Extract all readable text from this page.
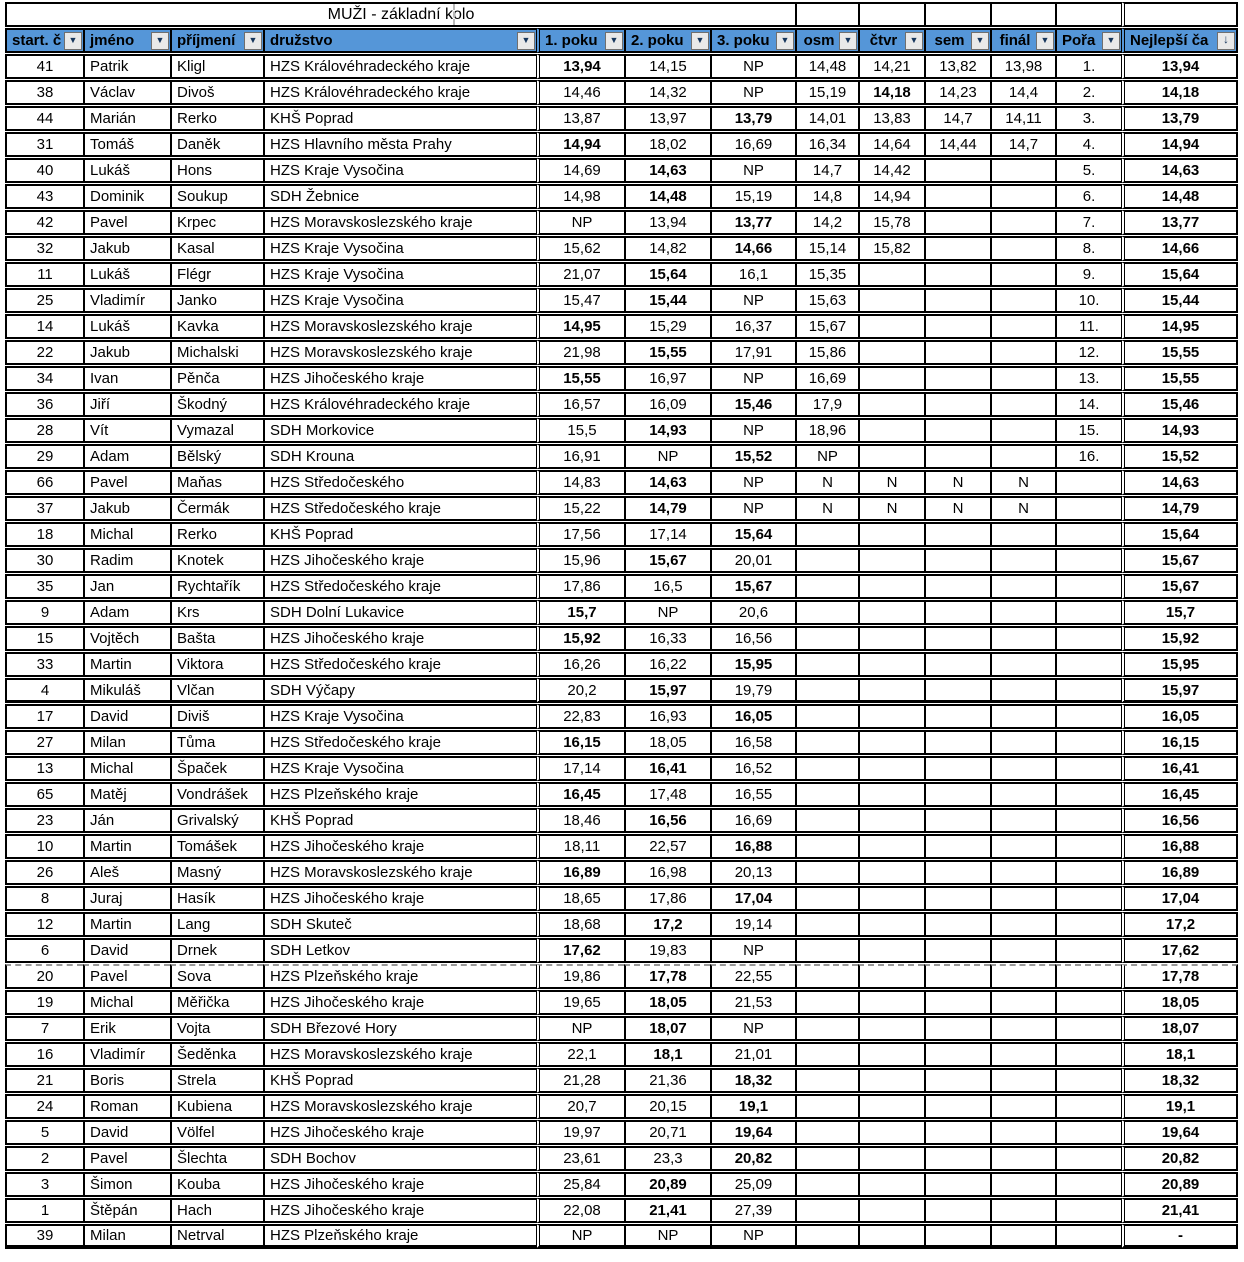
MUŽI - základní kolo						

start. č ▼	jméno ▼	příjmení ▼	družstvo ▼	1. poku ▼	2. poku ▼	3. poku ▼	osm ▼	čtvr ▼	sem ▼	finál ▼	Pořa ▼	Nejlepší ča ↓

41	Patrik	Kligl	HZS Královéhradeckého kraje	13,94	14,15	NP	14,48	14,21	13,82	13,98	1.	13,94
38	Václav	Divoš	HZS Královéhradeckého kraje	14,46	14,32	NP	15,19	14,18	14,23	14,4	2.	14,18
44	Marián	Rerko	KHŠ Poprad	13,87	13,97	13,79	14,01	13,83	14,7	14,11	3.	13,79
31	Tomáš	Daněk	HZS Hlavního města Prahy	14,94	18,02	16,69	16,34	14,64	14,44	14,7	4.	14,94
40	Lukáš	Hons	HZS Kraje Vysočina	14,69	14,63	NP	14,7	14,42			5.	14,63
43	Dominik	Soukup	SDH Žebnice	14,98	14,48	15,19	14,8	14,94			6.	14,48
42	Pavel	Krpec	HZS Moravskoslezského kraje	NP	13,94	13,77	14,2	15,78			7.	13,77
32	Jakub	Kasal	HZS Kraje Vysočina	15,62	14,82	14,66	15,14	15,82			8.	14,66
11	Lukáš	Flégr	HZS Kraje Vysočina	21,07	15,64	16,1	15,35				9.	15,64
25	Vladimír	Janko	HZS Kraje Vysočina	15,47	15,44	NP	15,63				10.	15,44
14	Lukáš	Kavka	HZS Moravskoslezského kraje	14,95	15,29	16,37	15,67				11.	14,95
22	Jakub	Michalski	HZS Moravskoslezského kraje	21,98	15,55	17,91	15,86				12.	15,55
34	Ivan	Pěnča	HZS Jihočeského kraje	15,55	16,97	NP	16,69				13.	15,55
36	Jiří	Škodný	HZS Královéhradeckého kraje	16,57	16,09	15,46	17,9				14.	15,46
28	Vít	Vymazal	SDH Morkovice	15,5	14,93	NP	18,96				15.	14,93
29	Adam	Bělský	SDH Krouna	16,91	NP	15,52	NP				16.	15,52
66	Pavel	Maňas	HZS Středočeského	14,83	14,63	NP	N	N	N	N		14,63
37	Jakub	Čermák	HZS Středočeského kraje	15,22	14,79	NP	N	N	N	N		14,79
18	Michal	Rerko	KHŠ Poprad	17,56	17,14	15,64						15,64
30	Radim	Knotek	HZS Jihočeského kraje	15,96	15,67	20,01						15,67
35	Jan	Rychtařík	HZS Středočeského kraje	17,86	16,5	15,67						15,67
9	Adam	Krs	SDH Dolní Lukavice	15,7	NP	20,6						15,7
15	Vojtěch	Bašta	HZS Jihočeského kraje	15,92	16,33	16,56						15,92
33	Martin	Viktora	HZS Středočeského kraje	16,26	16,22	15,95						15,95
4	Mikuláš	Vlčan	SDH Výčapy	20,2	15,97	19,79						15,97
17	David	Diviš	HZS Kraje Vysočina	22,83	16,93	16,05						16,05
27	Milan	Tůma	HZS Středočeského kraje	16,15	18,05	16,58						16,15
13	Michal	Špaček	HZS Kraje Vysočina	17,14	16,41	16,52						16,41
65	Matěj	Vondrášek	HZS Plzeňského kraje	16,45	17,48	16,55						16,45
23	Ján	Grivalský	KHŠ Poprad	18,46	16,56	16,69						16,56
10	Martin	Tomášek	HZS Jihočeského kraje	18,11	22,57	16,88						16,88
26	Aleš	Masný	HZS Moravskoslezského kraje	16,89	16,98	20,13						16,89
8	Juraj	Hasík	HZS Jihočeského kraje	18,65	17,86	17,04						17,04
12	Martin	Lang	SDH Skuteč	18,68	17,2	19,14						17,2
6	David	Drnek	SDH Letkov	17,62	19,83	NP						17,62
20	Pavel	Sova	HZS Plzeňského kraje	19,86	17,78	22,55						17,78
19	Michal	Měřička	HZS Jihočeského kraje	19,65	18,05	21,53						18,05
7	Erik	Vojta	SDH Březové Hory	NP	18,07	NP						18,07
16	Vladimír	Šeděnka	HZS Moravskoslezského kraje	22,1	18,1	21,01						18,1
21	Boris	Strela	KHŠ Poprad	21,28	21,36	18,32						18,32
24	Roman	Kubiena	HZS Moravskoslezského kraje	20,7	20,15	19,1						19,1
5	David	Völfel	HZS Jihočeského kraje	19,97	20,71	19,64						19,64
2	Pavel	Šlechta	SDH Bochov	23,61	23,3	20,82						20,82
3	Šimon	Kouba	HZS Jihočeského kraje	25,84	20,89	25,09						20,89
1	Štěpán	Hach	HZS Jihočeského kraje	22,08	21,41	27,39						21,41
39	Milan	Netrval	HZS Plzeňského kraje	NP	NP	NP						-
